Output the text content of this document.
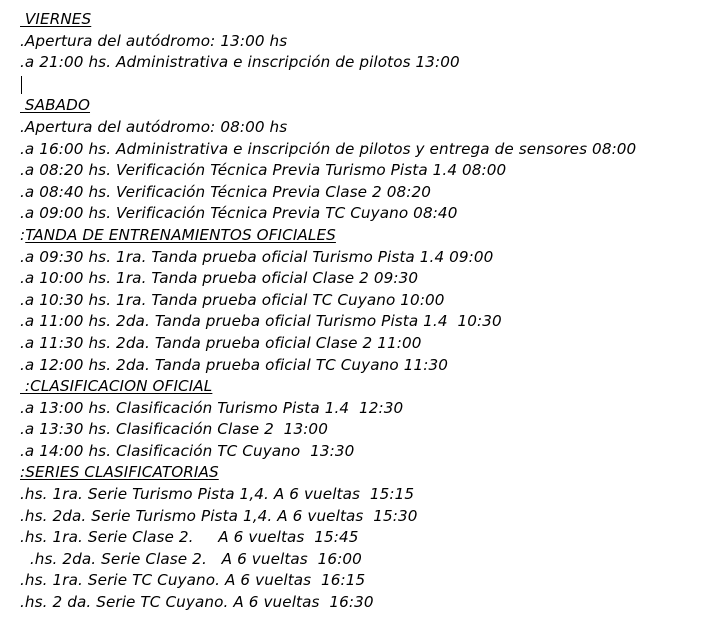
VIERNES
.Apertura del autódromo: 13:00 hs
.a 21:00 hs. Administrativa e inscripción de pilotos 13:00
SABADO
.Apertura del autódromo: 08:00 hs
.a 16:00 hs. Administrativa e inscripción de pilotos y entrega de sensores 08:00
.a 08:20 hs. Verificación Técnica Previa Turismo Pista 1.4 08:00
.a 08:40 hs. Verificación Técnica Previa Clase 2 08:20
.a 09:00 hs. Verificación Técnica Previa TC Cuyano 08:40
:TANDA DE ENTRENAMIENTOS OFICIALES
.a 09:30 hs. 1ra. Tanda prueba oficial Turismo Pista 1.4 09:00
.a 10:00 hs. 1ra. Tanda prueba oficial Clase 2 09:30
.a 10:30 hs. 1ra. Tanda prueba oficial TC Cuyano 10:00
.a 11:00 hs. 2da. Tanda prueba oficial Turismo Pista 1.4  10:30
.a 11:30 hs. 2da. Tanda prueba oficial Clase 2 11:00
.a 12:00 hs. 2da. Tanda prueba oficial TC Cuyano 11:30
:CLASIFICACION OFICIAL
.a 13:00 hs. Clasificación Turismo Pista 1.4  12:30
.a 13:30 hs. Clasificación Clase 2  13:00
.a 14:00 hs. Clasificación TC Cuyano  13:30
:SERIES CLASIFICATORIAS
.hs. 1ra. Serie Turismo Pista 1,4. A 6 vueltas  15:15
.hs. 2da. Serie Turismo Pista 1,4. A 6 vueltas  15:30
.hs. 1ra. Serie Clase 2.     A 6 vueltas  15:45
.hs. 2da. Serie Clase 2.   A 6 vueltas  16:00
.hs. 1ra. Serie TC Cuyano. A 6 vueltas  16:15
.hs. 2 da. Serie TC Cuyano. A 6 vueltas  16:30
